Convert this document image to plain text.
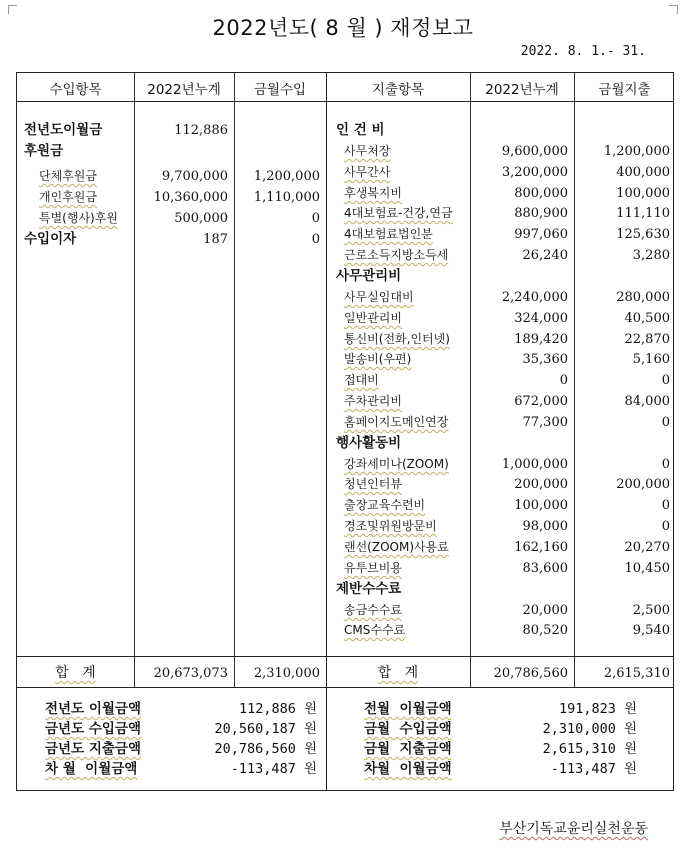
2022년도( 8 월 ) 재정보고
2022. 8. 1.- 31.
수입항목	2022년누계	금월수입	지출항목	2022년누계	금월지출
전년도이월금	112,886
후원금
단체후원금	9,700,000	1,200,000
개인후원금	10,360,000	1,110,000
특별(행사)후원	500,000	0
수입이자	187	0
인 건 비
사무처장	9,600,000	1,200,000
사무간사	3,200,000	400,000
후생복지비	800,000	100,000
4대보험료-건강,연금	880,900	111,110
4대보험료법인분	997,060	125,630
근로소득지방소득세	26,240	3,280
사무관리비
사무실임대비	2,240,000	280,000
일반관리비	324,000	40,500
통신비(전화,인터넷)	189,420	22,870
발송비(우편)	35,360	5,160
접대비	0	0
주차관리비	672,000	84,000
홈페이지도메인연장	77,300	0
행사활동비
강좌세미나(ZOOM)	1,000,000	0
청년인터뷰	200,000	200,000
출장교육수련비	100,000	0
경조및위원방문비	98,000	0
랜선(ZOOM)사용료	162,160	20,270
유투브비용	83,600	10,450
제반수수료
송금수수료	20,000	2,500
CMS수수료	80,520	9,540
합   계	20,673,073	2,310,000	합   계	20,786,560	2,615,310
전년도 이월금액	112,886 원
금년도 수입금액	20,560,187 원
금년도 지출금액	20,786,560 원
차 월  이월금액	-113,487 원
전월  이월금액	191,823 원
금월  수입금액	2,310,000 원
금월  지출금액	2,615,310 원
차월  이월금액	-113,487 원
부산기독교윤리실천운동
